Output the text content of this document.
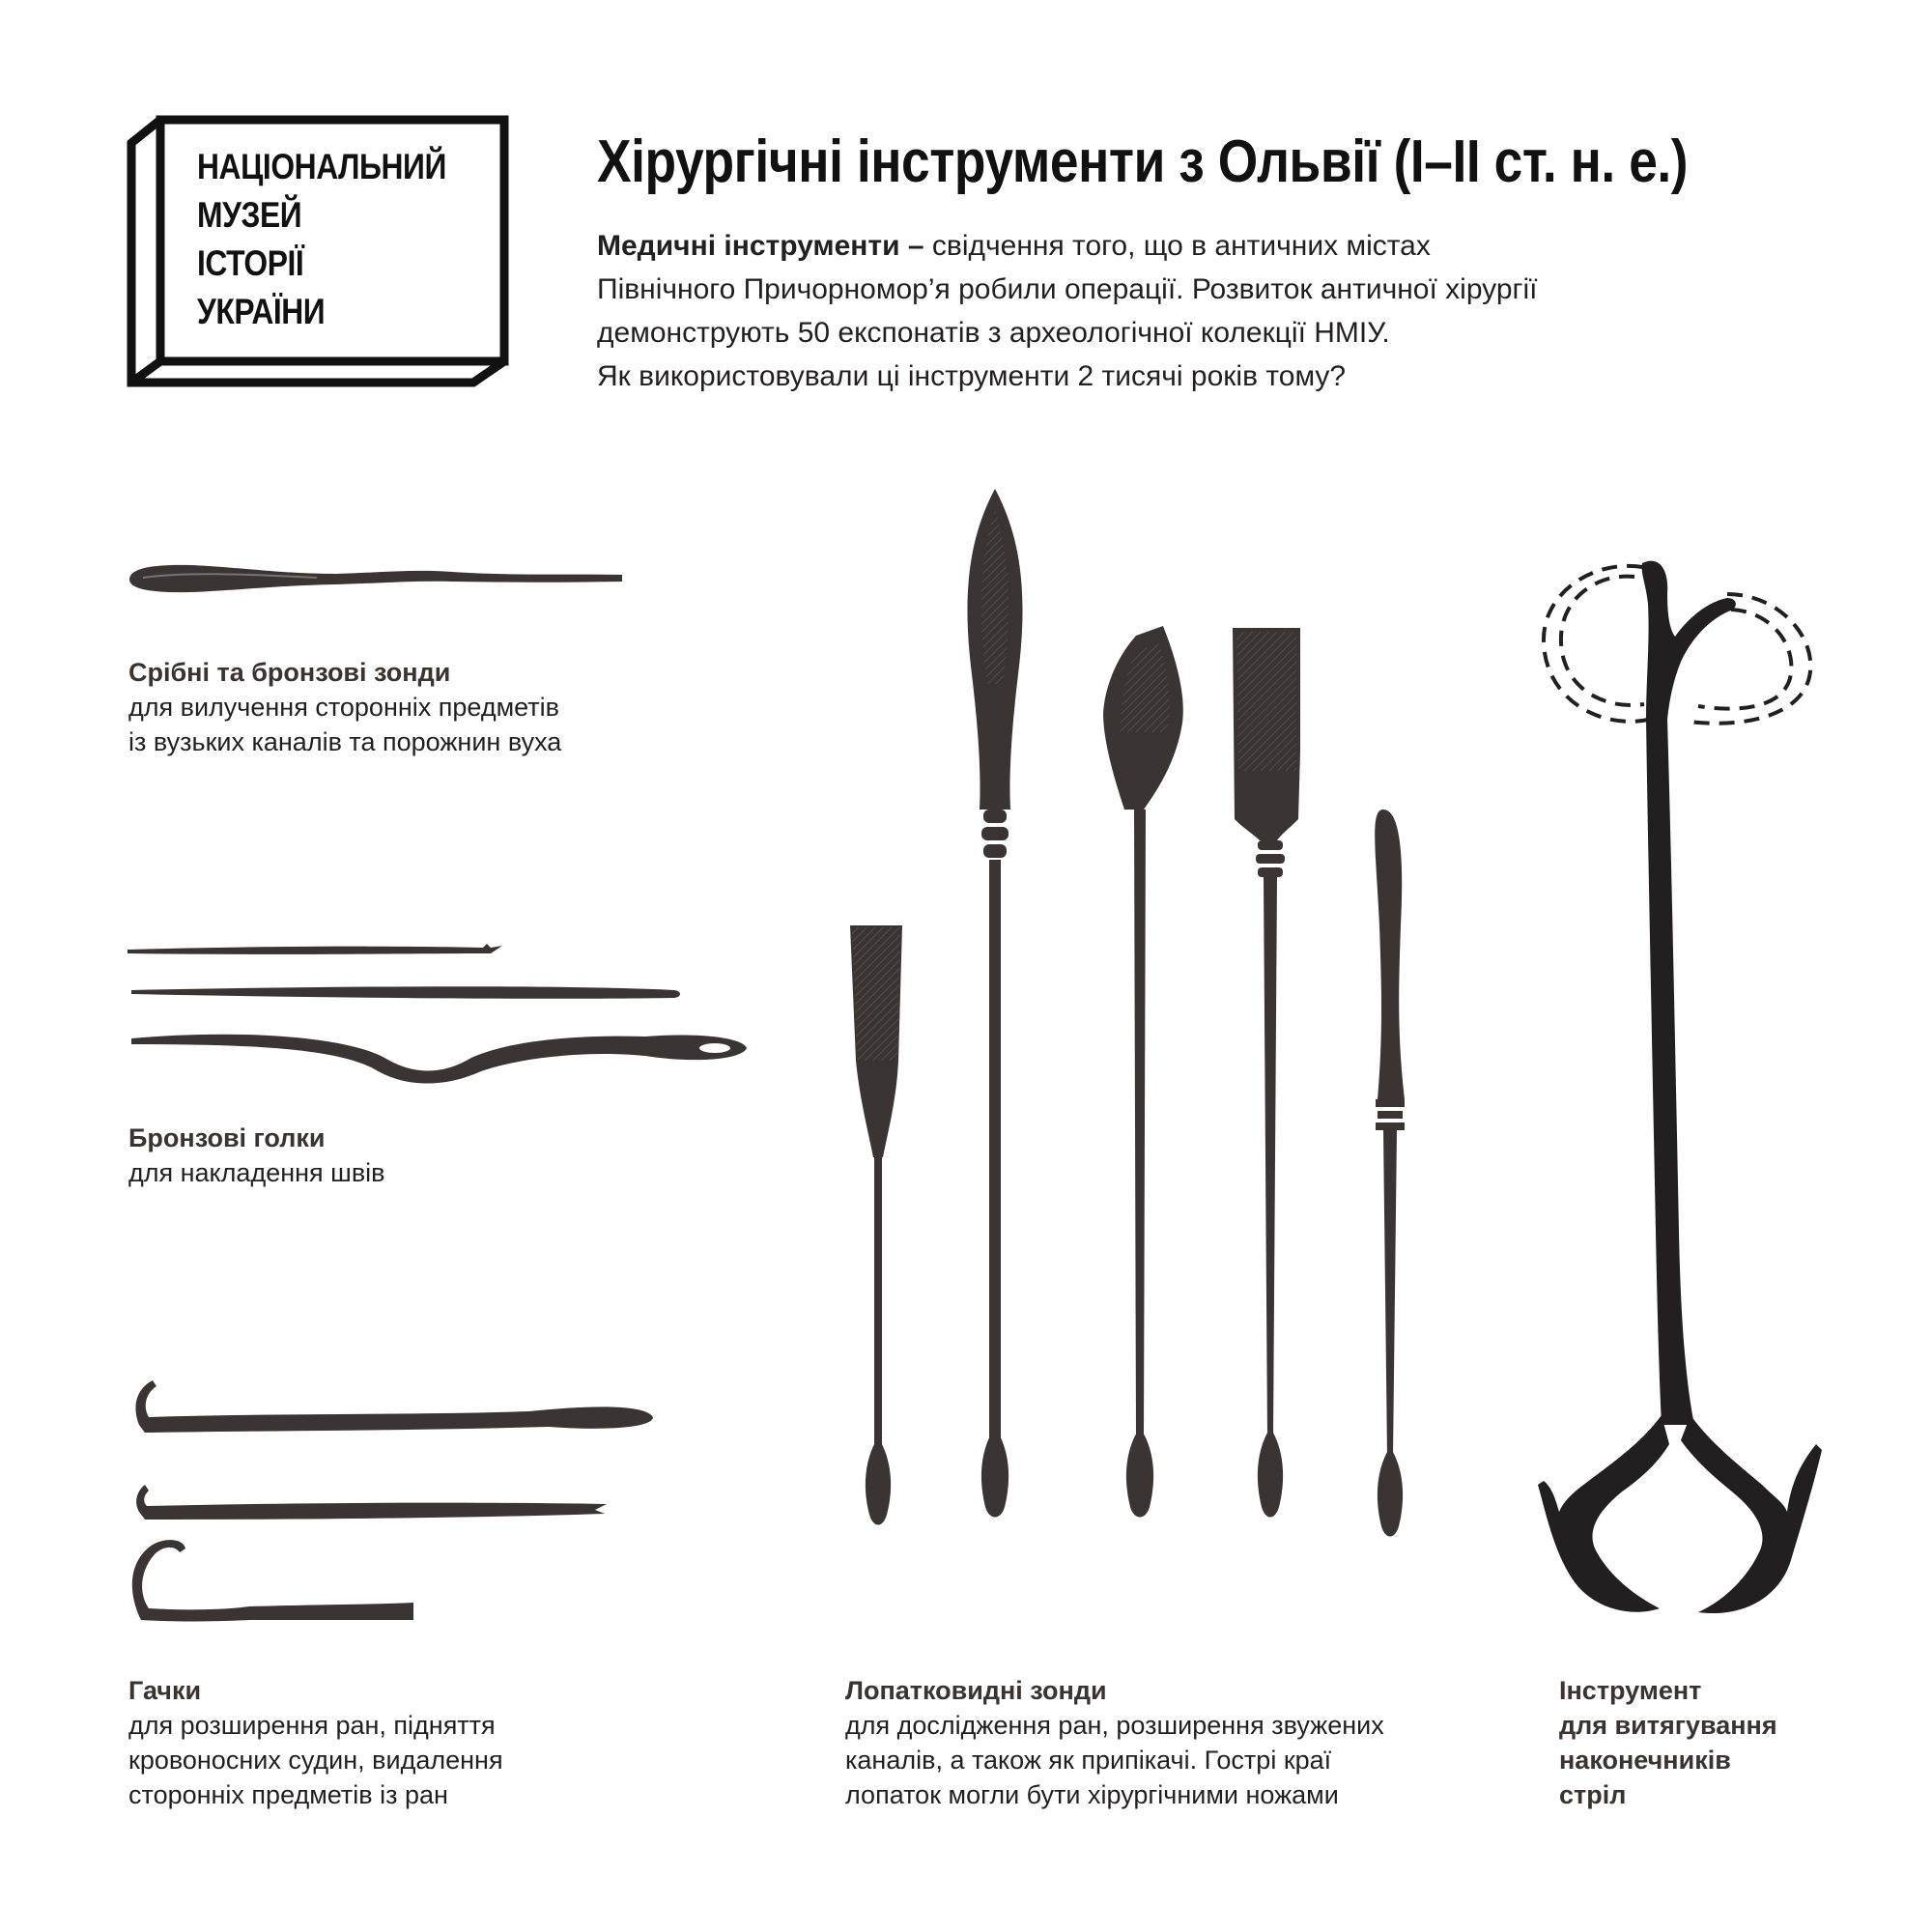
НАЦІОНАЛЬНИЙ
МУЗЕЙ
ІСТОРІЇ
УКРАЇНИ
Хірургічні інструменти з Ольвії (I–II ст. н. е.)
Медичні інструменти – свідчення того, що в античних містах
Північного Причорномор’я робили операції. Розвиток античної хірургії
демонструють 50 експонатів з археологічної колекції НМІУ.
Як використовували ці інструменти 2 тисячі років тому?
Срібні та бронзові зонди
для вилучення сторонніх предметів
із вузьких каналів та порожнин вуха
Бронзові голки
для накладення швів
Гачки
для розширення ран, підняття
кровоносних судин, видалення
сторонніх предметів із ран
Лопатковидні зонди
для дослідження ран, розширення звужених
каналів, а також як припікачі. Гострі краї
лопаток могли бути хірургічними ножами
Інструмент
для витягування
наконечників
стріл
